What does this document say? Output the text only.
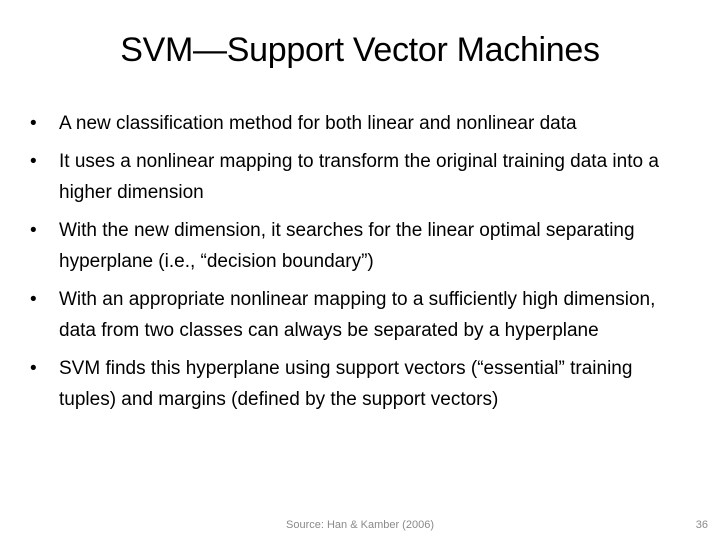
SVM—Support Vector Machines
• A new classification method for both linear and nonlinear data
• It uses a nonlinear mapping to transform the original training data into a higher dimension
• With the new dimension, it searches for the linear optimal separating hyperplane (i.e., “decision boundary”)
• With an appropriate nonlinear mapping to a sufficiently high dimension, data from two classes can always be separated by a hyperplane
• SVM finds this hyperplane using support vectors (“essential” training tuples) and margins (defined by the support vectors)
Source: Han & Kamber (2006)	36
